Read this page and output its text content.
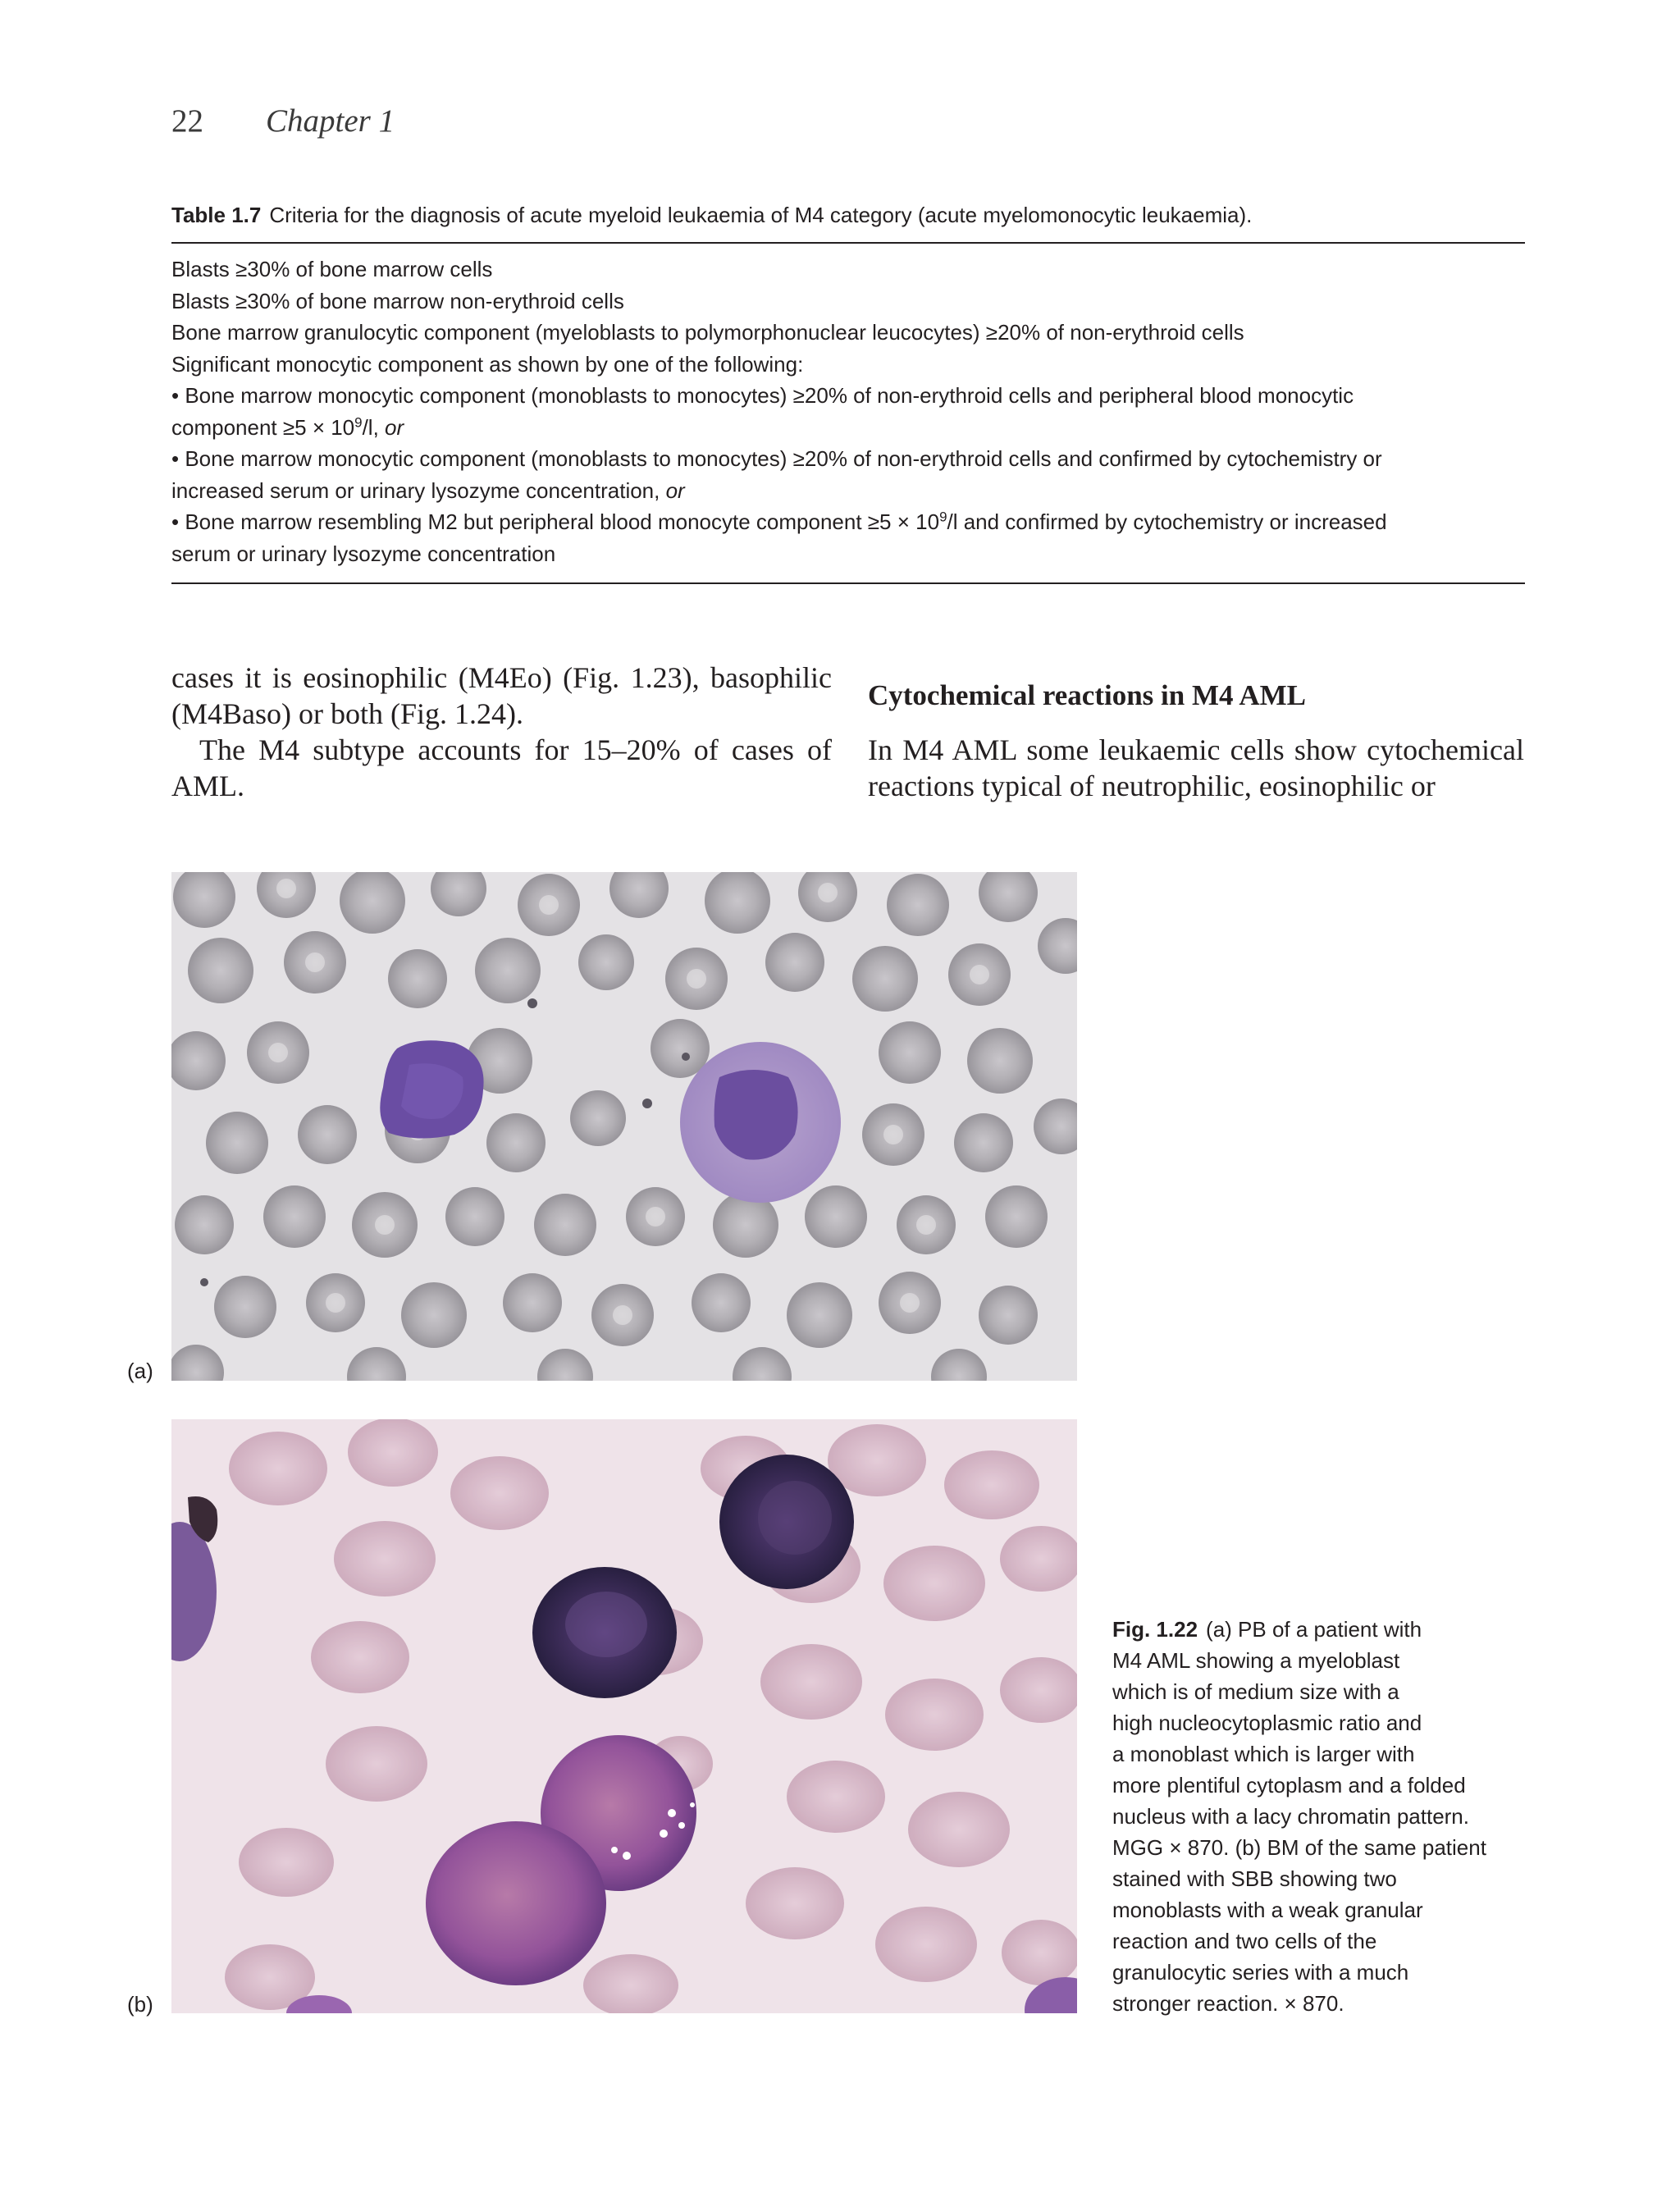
22 Chapter 1
Table 1.7 Criteria for the diagnosis of acute myeloid leukaemia of M4 category (acute myelomonocytic leukaemia).
Blasts ≥30% of bone marrow cells
Blasts ≥30% of bone marrow non-erythroid cells
Bone marrow granulocytic component (myeloblasts to polymorphonuclear leucocytes) ≥20% of non-erythroid cells
Significant monocytic component as shown by one of the following:
• Bone marrow monocytic component (monoblasts to monocytes) ≥20% of non-erythroid cells and peripheral blood monocytic
component $\ge 5 \times 10^9/l$, or
• Bone marrow monocytic component (monoblasts to monocytes) ≥20% of non-erythroid cells and confirmed by cytochemistry or
increased serum or urinary lysozyme concentration, or
• Bone marrow resembling M2 but peripheral blood monocyte component $\ge 5 \times 10^9/l$ and confirmed by cytochemistry or increased
serum or urinary lysozyme concentration
cases it is eosinophilic (M4Eo) (Fig. 1.23), basophilic (M4Baso) or both (Fig. 1.24).
The M4 subtype accounts for 15–20% of cases of AML.
Cytochemical reactions in M4 AML
In M4 AML some leukaemic cells show cytochemical reactions typical of neutrophilic, eosinophilic or
(a)
(b)
Fig. 1.22 (a) PB of a patient with
M4 AML showing a myeloblast
which is of medium size with a
high nucleocytoplasmic ratio and
a monoblast which is larger with
more plentiful cytoplasm and a folded
nucleus with a lacy chromatin pattern.
MGG × 870. (b) BM of the same patient
stained with SBB showing two
monoblasts with a weak granular
reaction and two cells of the
granulocytic series with a much
stronger reaction. × 870.
